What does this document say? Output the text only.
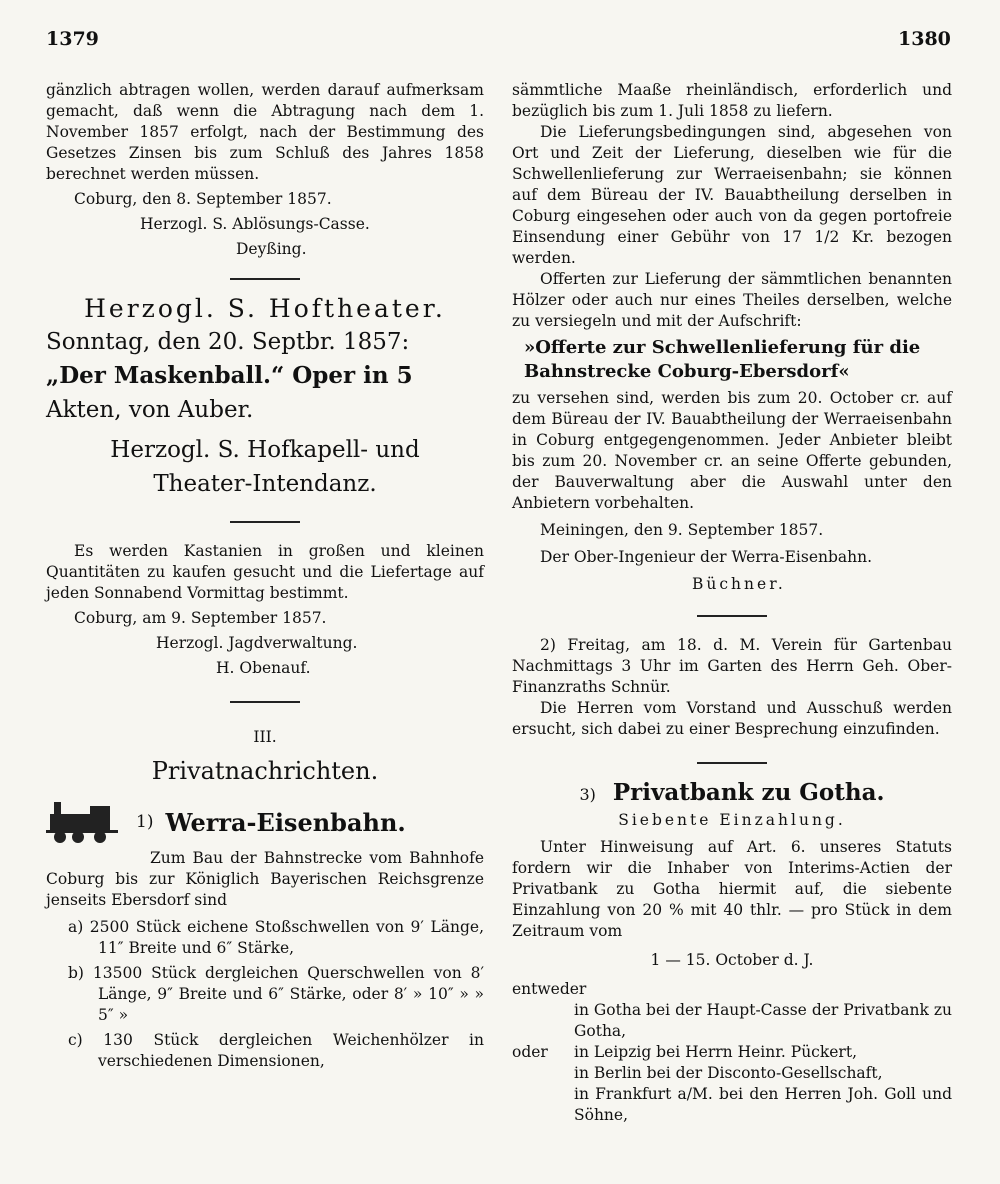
1379	1380

gänzlich abtragen wollen, werden darauf aufmerksam gemacht, daß wenn die Abtragung nach dem 1. November 1857 erfolgt, nach der Bestimmung des Gesetzes Zinsen bis zum Schluß des Jahres 1858 berechnet werden müssen.

Coburg, den 8. September 1857.

Herzogl. S. Ablösungs-Casse.

Deyßing.

Herzogl. S. Hoftheater.

Sonntag, den 20. Septbr. 1857:

„Der Maskenball.“ Oper in 5

Akten, von Auber.

Herzogl. S. Hofkapell- und Theater-Intendanz.

Es werden Kastanien in großen und kleinen Quantitäten zu kaufen gesucht und die Liefertage auf jeden Sonnabend Vormittag bestimmt.

Coburg, am 9. September 1857.

Herzogl. Jagdverwaltung.

H. Obenauf.

III.

Privatnachrichten.

1) Werra-Eisenbahn.

Zum Bau der Bahnstrecke vom Bahnhofe Coburg bis zur Königlich Bayerischen Reichsgrenze jenseits Ebersdorf sind

a) 2500 Stück eichene Stoßschwellen von 9′ Länge, 11″ Breite und 6″ Stärke,

b) 13500 Stück dergleichen Querschwellen von 8′ Länge, 9″ Breite und 6″ Stärke, oder 8′ » 10″ » » 5″ »

c) 130 Stück dergleichen Weichenhölzer in verschiedenen Dimensionen,

sämmtliche Maaße rheinländisch, erforderlich und bezüglich bis zum 1. Juli 1858 zu liefern.

Die Lieferungsbedingungen sind, abgesehen von Ort und Zeit der Lieferung, dieselben wie für die Schwellenlieferung zur Werraeisenbahn; sie können auf dem Büreau der IV. Bauabtheilung derselben in Coburg eingesehen oder auch von da gegen portofreie Einsendung einer Gebühr von 17 1/2 Kr. bezogen werden.

Offerten zur Lieferung der sämmtlichen benannten Hölzer oder auch nur eines Theiles derselben, welche zu versiegeln und mit der Aufschrift:

»Offerte zur Schwellenlieferung für die Bahnstrecke Coburg-Ebersdorf«

zu versehen sind, werden bis zum 20. October cr. auf dem Büreau der IV. Bauabtheilung der Werraeisenbahn in Coburg entgegengenommen. Jeder Anbieter bleibt bis zum 20. November cr. an seine Offerte gebunden, der Bauverwaltung aber die Auswahl unter den Anbietern vorbehalten.

Meiningen, den 9. September 1857.

Der Ober-Ingenieur der Werra-Eisenbahn.

Büchner.

2) Freitag, am 18. d. M. Verein für Gartenbau Nachmittags 3 Uhr im Garten des Herrn Geh. Ober-Finanzraths Schnür.

Die Herren vom Vorstand und Ausschuß werden ersucht, sich dabei zu einer Besprechung einzufinden.

3) Privatbank zu Gotha.

Siebente Einzahlung.

Unter Hinweisung auf Art. 6. unseres Statuts fordern wir die Inhaber von Interims-Actien der Privatbank zu Gotha hiermit auf, die siebente Einzahlung von 20 % mit 40 thlr. — pro Stück in dem Zeitraum vom

1 — 15. October d. J.

entweder

in Gotha bei der Haupt-Casse der Privatbank zu Gotha,
oder	in Leipzig bei Herrn Heinr. Pückert,
in Berlin bei der Disconto-Gesellschaft,
in Frankfurt a/M. bei den Herren Joh. Goll und Söhne,
